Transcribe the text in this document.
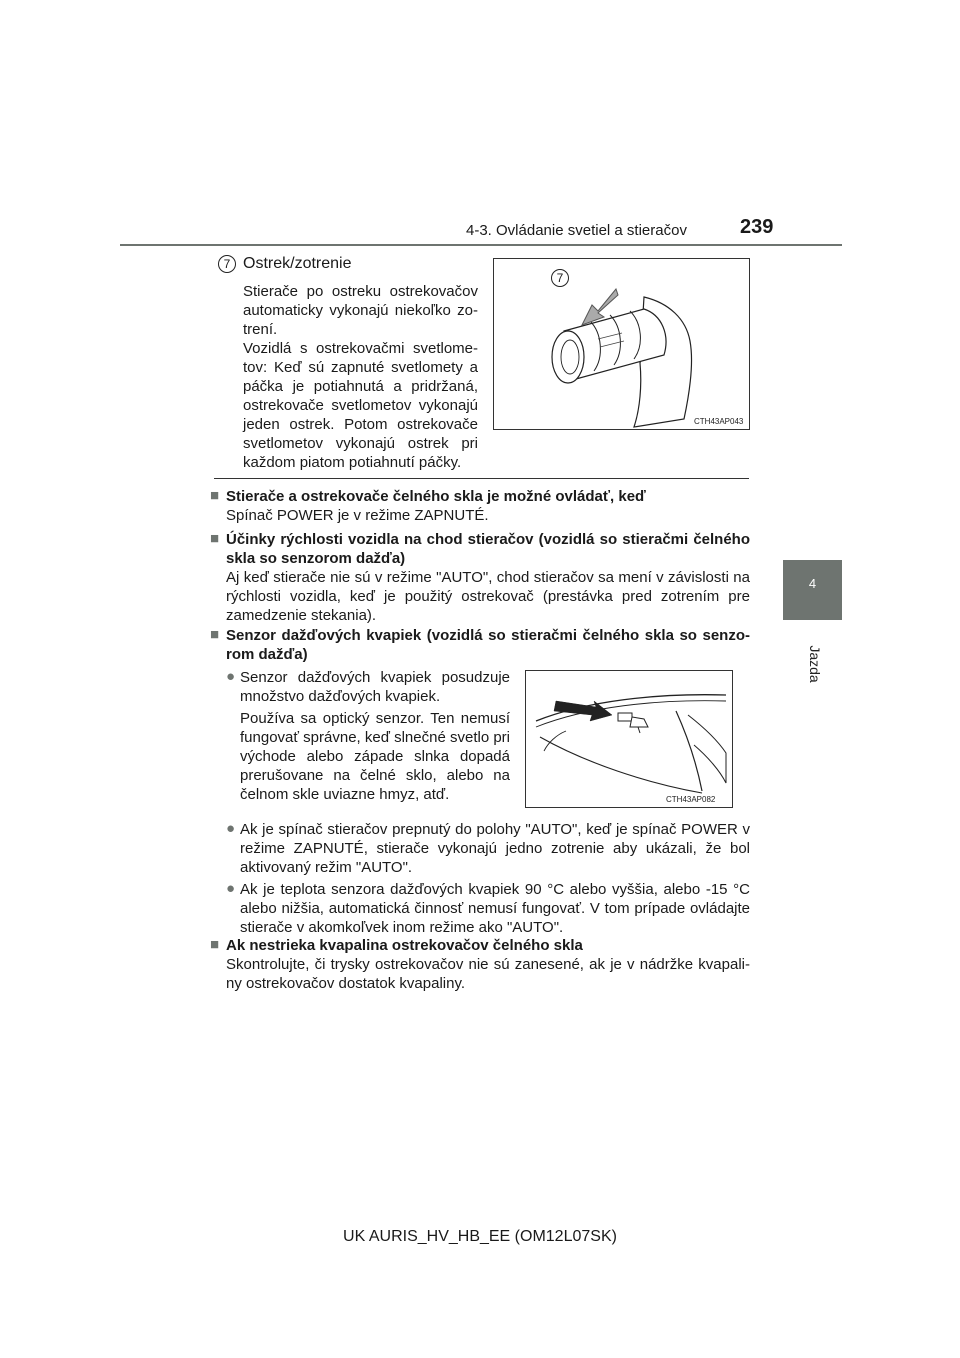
4-3. Ovládanie svetiel a stieračov	239
4
Jazda
7 Ostrek/zotrenie
Stierače po ostreku ostrekovačov automaticky vykonajú niekoľko zo-trení.
Vozidlá s ostrekovačmi svetlome-tov: Keď sú zapnuté svetlomety a páčka je potiahnutá a pridržaná, ostrekovače svetlometov vykonajú jeden ostrek. Potom ostrekovače svetlometov vykonajú ostrek pri každom piatom potiahnutí páčky.
7
CTH43AP043
■ Stierače a ostrekovače čelného skla je možné ovládať, keď
Spínač POWER je v režime ZAPNUTÉ.
■ Účinky rýchlosti vozidla na chod stieračov (vozidlá so stieračmi čelného skla so senzorom dažďa)
Aj keď stierače nie sú v režime "AUTO", chod stieračov sa mení v závislosti na rýchlosti vozidla, keď je použitý ostrekovač (prestávka pred zotrením pre zamedzenie stekania).
■ Senzor dažďových kvapiek (vozidlá so stieračmi čelného skla so senzo-rom dažďa)
● Senzor dažďových kvapiek posudzuje množstvo dažďových kvapiek.
Používa sa optický senzor. Ten nemusí fungovať správne, keď slnečné svetlo pri východe alebo západe slnka dopadá prerušovane na čelné sklo, alebo na čelnom skle uviazne hmyz, atď.	CTH43AP082
● Ak je spínač stieračov prepnutý do polohy "AUTO", keď je spínač POWER v režime ZAPNUTÉ, stierače vykonajú jedno zotrenie aby ukázali, že bol aktivovaný režim "AUTO".
● Ak je teplota senzora dažďových kvapiek 90 °C alebo vyššia, alebo -15 °C alebo nižšia, automatická činnosť nemusí fungovať. V tom prípade ovládajte stierače v akomkoľvek inom režime ako "AUTO".
■ Ak nestrieka kvapalina ostrekovačov čelného skla
Skontrolujte, či trysky ostrekovačov nie sú zanesené, ak je v nádržke kvapali-ny ostrekovačov dostatok kvapaliny.
UK AURIS_HV_HB_EE (OM12L07SK)
